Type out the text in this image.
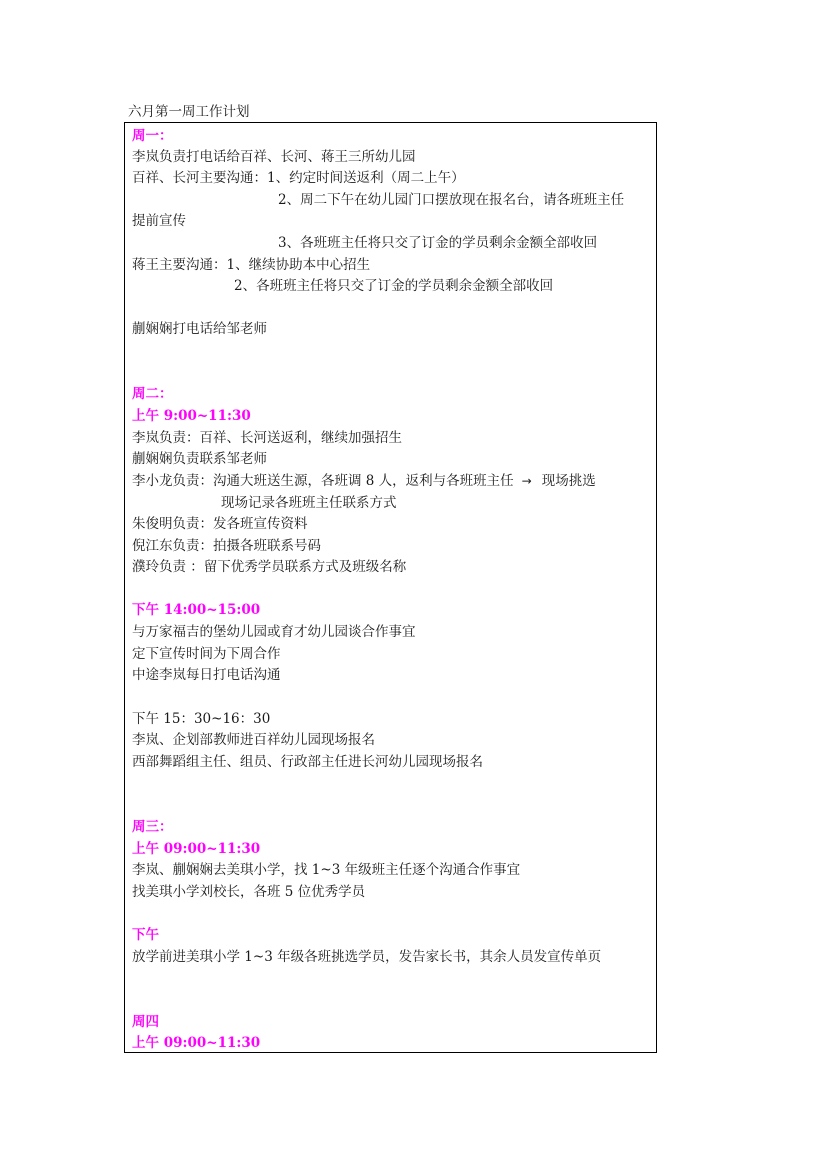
六月第一周工作计划
周一：
李岚负责打电话给百祥、长河、蒋王三所幼儿园
百祥、长河主要沟通：1、约定时间送返利（周二上午）
2、周二下午在幼儿园门口摆放现在报名台，请各班班主任
提前宣传
3、各班班主任将只交了订金的学员剩余金额全部收回
蒋王主要沟通：1、继续协助本中心招生
2、各班班主任将只交了订金的学员剩余金额全部收回
蒯娴娴打电话给邹老师
周二：
上午 9:00~11:30
李岚负责：百祥、长河送返利，继续加强招生
蒯娴娴负责联系邹老师
李小龙负责：沟通大班送生源，各班调 8 人，返利与各班班主任 → 现场挑选
现场记录各班班主任联系方式
朱俊明负责：发各班宣传资料
倪江东负责：拍摄各班联系号码
濮玲负责 ：留下优秀学员联系方式及班级名称
下午 14:00~15:00
与万家福吉的堡幼儿园或育才幼儿园谈合作事宜
定下宣传时间为下周合作
中途李岚每日打电话沟通
下午 15：30~16：30
李岚、企划部教师进百祥幼儿园现场报名
西部舞蹈组主任、组员、行政部主任进长河幼儿园现场报名
周三：
上午 09:00~11:30
李岚、蒯娴娴去美琪小学，找 1~3 年级班主任逐个沟通合作事宜
找美琪小学刘校长，各班 5 位优秀学员
下午
放学前进美琪小学 1~3 年级各班挑选学员，发告家长书，其余人员发宣传单页
周四
上午 09:00~11:30
